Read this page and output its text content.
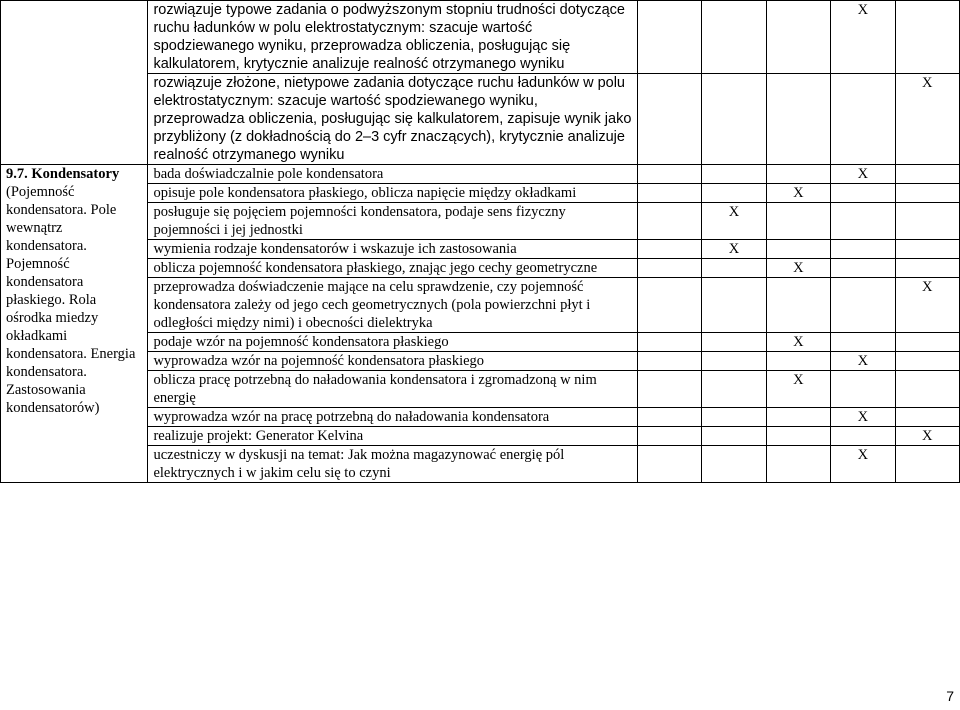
	rozwiązuje typowe zadania o podwyższonym stopniu trudności dotyczące ruchu ładunków w polu elektrostatycznym: szacuje wartość spodziewanego wyniku, przeprowadza obliczenia, posługując się kalkulatorem, krytycznie analizuje realność otrzymanego wyniku				X	
	rozwiązuje złożone, nietypowe zadania dotyczące ruchu ładunków w polu elektrostatycznym: szacuje wartość spodziewanego wyniku, przeprowadza obliczenia, posługując się kalkulatorem, zapisuje wynik jako przybliżony (z dokładnością do 2–3 cyfr znaczących), krytycznie analizuje realność otrzymanego wyniku					X

9.7. Kondensatory
(Pojemność kondensatora. Pole wewnątrz kondensatora. Pojemność kondensatora płaskiego. Rola ośrodka miedzy okładkami kondensatora. Energia kondensatora. Zastosowania kondensatorów)	bada doświadczalnie pole kondensatora				X	
	opisuje pole kondensatora płaskiego, oblicza napięcie między okładkami			X		
	posługuje się pojęciem pojemności kondensatora, podaje sens fizyczny pojemności i jej jednostki		X			
	wymienia rodzaje kondensatorów i wskazuje ich zastosowania		X			
	oblicza pojemność kondensatora płaskiego, znając jego cechy geometryczne			X		
	przeprowadza doświadczenie mające na celu sprawdzenie, czy pojemność kondensatora zależy od jego cech geometrycznych (pola powierzchni płyt i odległości między nimi) i obecności dielektryka					X
	podaje wzór na pojemność kondensatora płaskiego			X		
	wyprowadza wzór na pojemność kondensatora płaskiego				X	
	oblicza pracę potrzebną do naładowania kondensatora i zgromadzoną w nim energię			X		
	wyprowadza wzór na pracę potrzebną do naładowania kondensatora				X	
	realizuje projekt: Generator Kelvina					X
	uczestniczy w dyskusji na temat: Jak można magazynować energię pól elektrycznych i w jakim celu się to czyni				X	
7
